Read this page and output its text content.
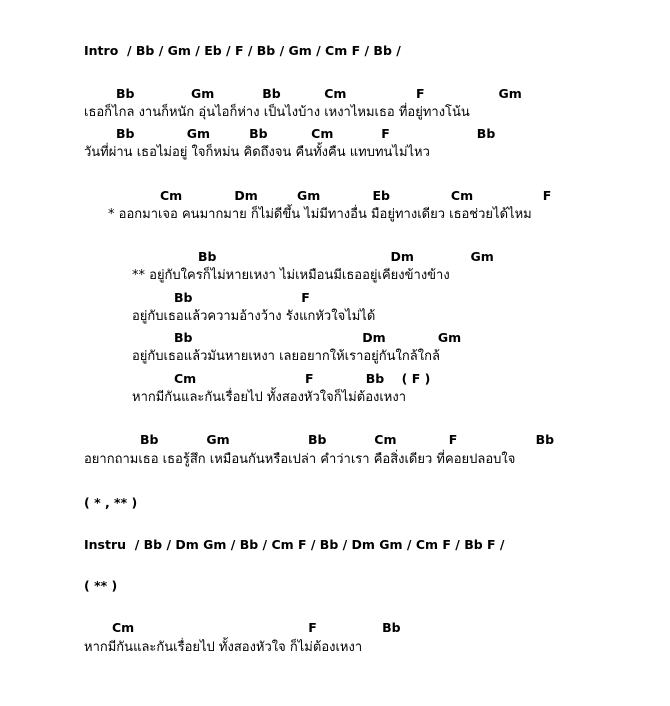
Intro  / Bb / Gm / Eb / F / Bb / Gm / Cm F / Bb /
Bb             Gm           Bb          Cm                F                 Gm
เธอก็ไกล งานก็หนัก อุ่นไอก็ห่าง เป็นไงบ้าง เหงาไหมเธอ ที่อยู่ทางโน้น
Bb            Gm         Bb          Cm           F                    Bb
วันที่ผ่าน เธอไม่อยู่ ใจก็หม่น คิดถึงจน คืนทั้งคืน แทบทนไม่ไหว
Cm            Dm         Gm            Eb              Cm                F
* ออกมาเจอ คนมากมาย ก็ไม่ดีขึ้น ไม่มีทางอื่น มือยู่ทางเดียว เธอช่วยได้ไหม
Bb                                        Dm             Gm
** อยู่กับใครก็ไม่หายเหงา ไม่เหมือนมีเธออยู่เคียงข้างข้าง
Bb                         F
อยู่กับเธอแล้วความอ้างว้าง รังแกหัวใจไม่ได้
Bb                                       Dm            Gm
อยู่กับเธอแล้วมันหายเหงา เลยอยากให้เราอยู่กันใกล้ใกล้
Cm                         F            Bb    ( F )
หากมีกันและกันเรื่อยไป ทั้งสองหัวใจก็ไม่ต้องเหงา
Bb           Gm                  Bb           Cm            F                  Bb
อยากถามเธอ เธอรู้สึก เหมือนกันหรือเปล่า คำว่าเรา คือสิ่งเดียว ที่คอยปลอบใจ
( * , ** )
Instru  / Bb / Dm Gm / Bb / Cm F / Bb / Dm Gm / Cm F / Bb F /
( ** )
Cm                                        F               Bb
หากมีกันและกันเรื่อยไป ทั้งสองหัวใจ ก็ไม่ต้องเหงา
